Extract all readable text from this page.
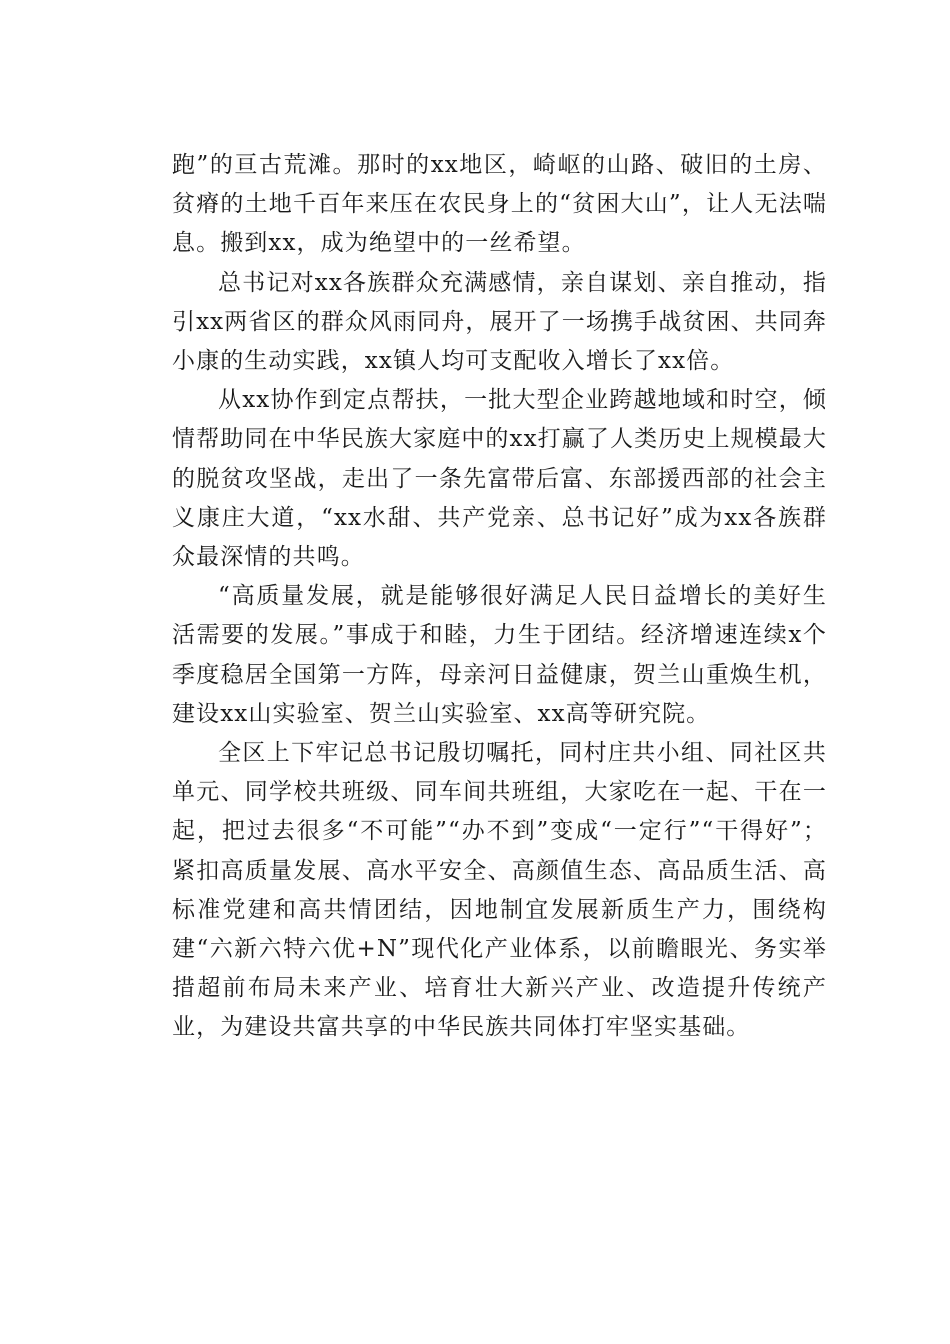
跑”的亘古荒滩。那时的xx地区，崎岖的山路、破旧的土房、贫瘠的土地千百年来压在农民身上的“贫困大山”，让人无法喘息。搬到xx，成为绝望中的一丝希望。

总书记对xx各族群众充满感情，亲自谋划、亲自推动，指引xx两省区的群众风雨同舟，展开了一场携手战贫困、共同奔小康的生动实践，xx镇人均可支配收入增长了xx倍。

从xx协作到定点帮扶，一批大型企业跨越地域和时空，倾情帮助同在中华民族大家庭中的xx打赢了人类历史上规模最大的脱贫攻坚战，走出了一条先富带后富、东部援西部的社会主义康庄大道，“xx水甜、共产党亲、总书记好”成为xx各族群众最深情的共鸣。

“高质量发展，就是能够很好满足人民日益增长的美好生活需要的发展。”事成于和睦，力生于团结。经济增速连续x个季度稳居全国第一方阵，母亲河日益健康，贺兰山重焕生机，建设xx山实验室、贺兰山实验室、xx高等研究院。

全区上下牢记总书记殷切嘱托，同村庄共小组、同社区共单元、同学校共班级、同车间共班组，大家吃在一起、干在一起，把过去很多“不可能”“办不到”变成“一定行”“干得好”；紧扣高质量发展、高水平安全、高颜值生态、高品质生活、高标准党建和高共情团结，因地制宜发展新质生产力，围绕构建“六新六特六优+N”现代化产业体系，以前瞻眼光、务实举措超前布局未来产业、培育壮大新兴产业、改造提升传统产业，为建设共富共享的中华民族共同体打牢坚实基础。
